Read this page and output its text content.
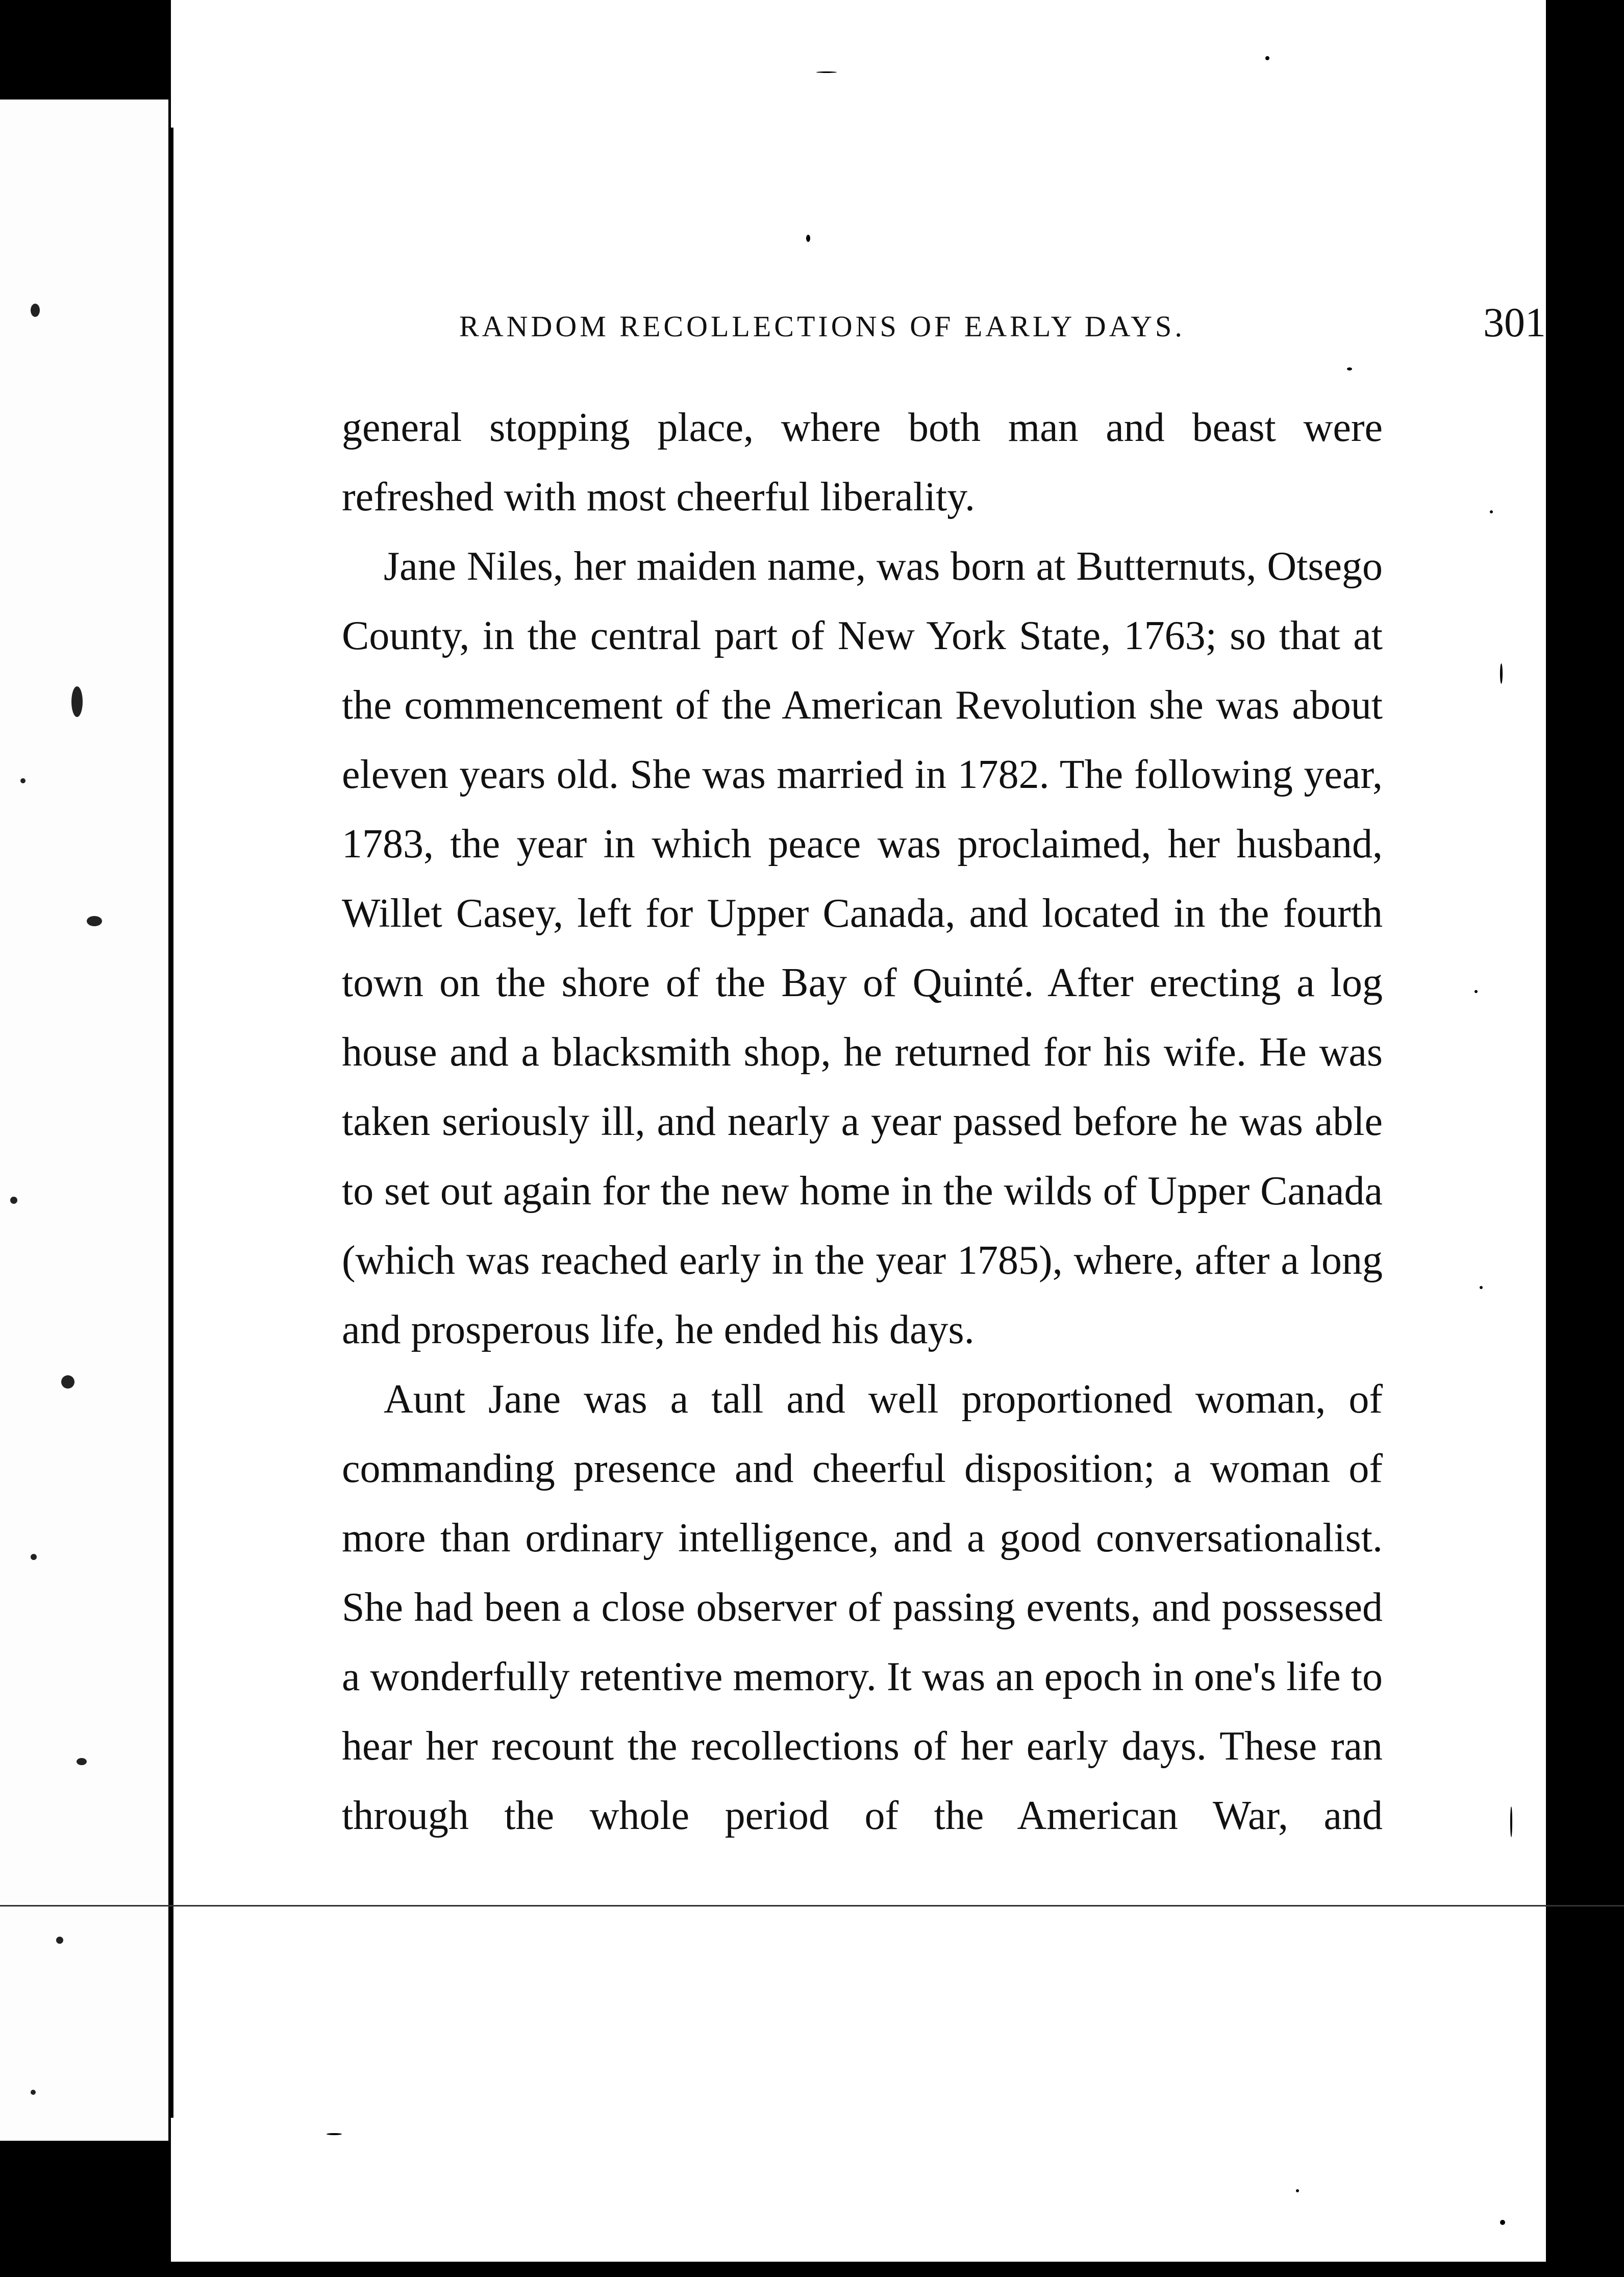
RANDOM RECOLLECTIONS OF EARLY DAYS.	301

general stopping place, where both man and beast were refreshed with most cheerful liberality.

Jane Niles, her maiden name, was born at Butternuts, Otsego County, in the central part of New York State, 1763; so that at the commencement of the American Revolution she was about eleven years old. She was married in 1782. The following year, 1783, the year in which peace was proclaimed, her husband, Willet Casey, left for Upper Canada, and located in the fourth town on the shore of the Bay of Quinté. After erecting a log house and a blacksmith shop, he returned for his wife. He was taken seriously ill, and nearly a year passed before he was able to set out again for the new home in the wilds of Upper Canada (which was reached early in the year 1785), where, after a long and prosperous life, he ended his days.

Aunt Jane was a tall and well proportioned woman, of commanding presence and cheerful disposition; a woman of more than ordinary intelligence, and a good conversationalist. She had been a close observer of passing events, and possessed a wonderfully retentive memory. It was an epoch in one's life to hear her recount the recollections of her early days. These ran through the whole period of the American War, and
